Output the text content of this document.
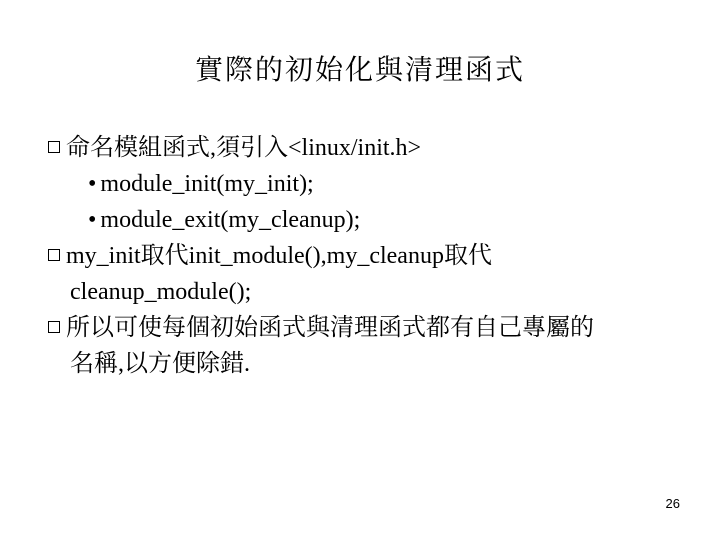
實際的初始化與清理函式
命名模組函式,須引入<linux/init.h>
• module_init(my_init);
• module_exit(my_cleanup);
my_init取代init_module(),my_cleanup取代
cleanup_module();
所以可使每個初始函式與清理函式都有自己專屬的
名稱,以方便除錯.
26
